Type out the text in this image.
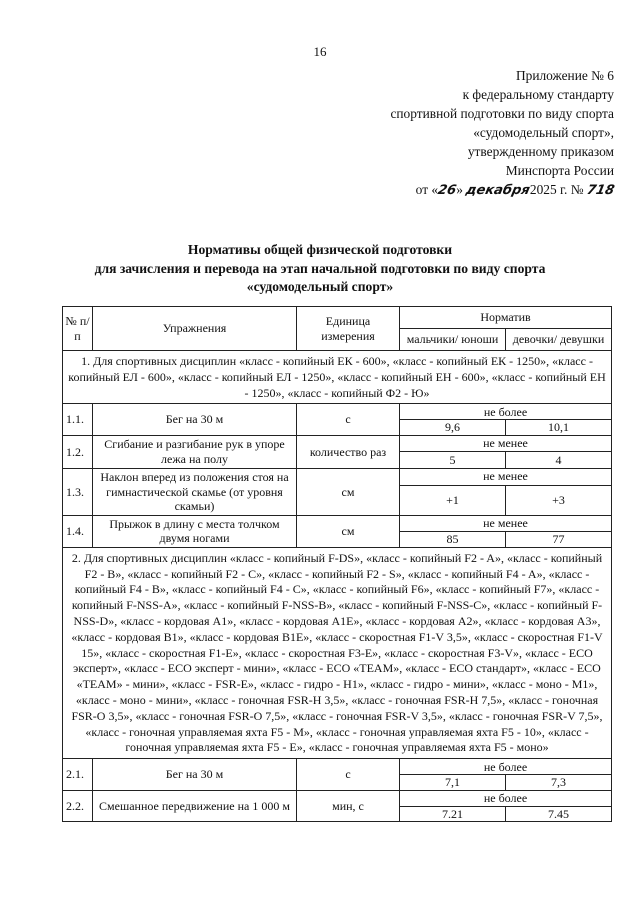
16
Приложение № 6
к федеральному стандарту
спортивной подготовки по виду спорта
«судомодельный спорт»,
утвержденному приказом
Минспорта России
от «26» декабря2025 г. № 718
Нормативы общей физической подготовки
для зачисления и перевода на этап начальной подготовки по виду спорта
«судомодельный спорт»
№ п/п	Упражнения	Единица измерения	Норматив	
			мальчики/ юноши	девочки/ девушки
1. Для спортивных дисциплин «класс - копийный ЕК - 600», «класс - копийный ЕК - 1250», «класс - копийный ЕЛ - 600», «класс - копийный ЕЛ - 1250», «класс - копийный ЕН - 600», «класс - копийный ЕН - 1250», «класс - копийный Ф2 - Ю»				
1.1.	Бег на 30 м	с	не более	
			9,6	10,1
1.2.	Сгибание и разгибание рук в упоре лежа на полу	количество раз	не менее	
			5	4
1.3.	Наклон вперед из положения стоя на гимнастической скамье (от уровня скамьи)	см	не менее	
			+1	+3
1.4.	Прыжок в длину с места толчком двумя ногами	см	не менее	
			85	77
2. Для спортивных дисциплин «класс - копийный F-DS», «класс - копийный F2 - A», «класс - копийный F2 - B», «класс - копийный F2 - C», «класс - копийный F2 - S», «класс - копийный F4 - A», «класс - копийный F4 - B», «класс - копийный F4 - C», «класс - копийный F6», «класс - копийный F7», «класс - копийный F-NSS-A», «класс - копийный F-NSS-B», «класс - копийный F-NSS-C», «класс - копийный F-NSS-D», «класс - кордовая A1», «класс - кордовая A1E», «класс - кордовая A2», «класс - кордовая A3», «класс - кордовая B1», «класс - кордовая B1E», «класс - скоростная F1-V 3,5», «класс - скоростная F1-V 15», «класс - скоростная F1-E», «класс - скоростная F3-E», «класс - скоростная F3-V», «класс - ECO эксперт», «класс - ECO эксперт - мини», «класс - ECO «TEAM», «класс - ECO стандарт», «класс - ECO «TEAM» - мини», «класс - FSR-E», «класс - гидро - H1», «класс - гидро - мини», «класс - моно - M1», «класс - моно - мини», «класс - гоночная FSR-H 3,5», «класс - гоночная FSR-H 7,5», «класс - гоночная FSR-O 3,5», «класс - гоночная FSR-O 7,5», «класс - гоночная FSR-V 3,5», «класс - гоночная FSR-V 7,5», «класс - гоночная управляемая яхта F5 - M», «класс - гоночная управляемая яхта F5 - 10», «класс - гоночная управляемая яхта F5 - E», «класс - гоночная управляемая яхта F5 - моно»				
2.1.	Бег на 30 м	с	не более	
			7,1	7,3
2.2.	Смешанное передвижение на 1 000 м	мин, с	не более	
			7.21	7.45
